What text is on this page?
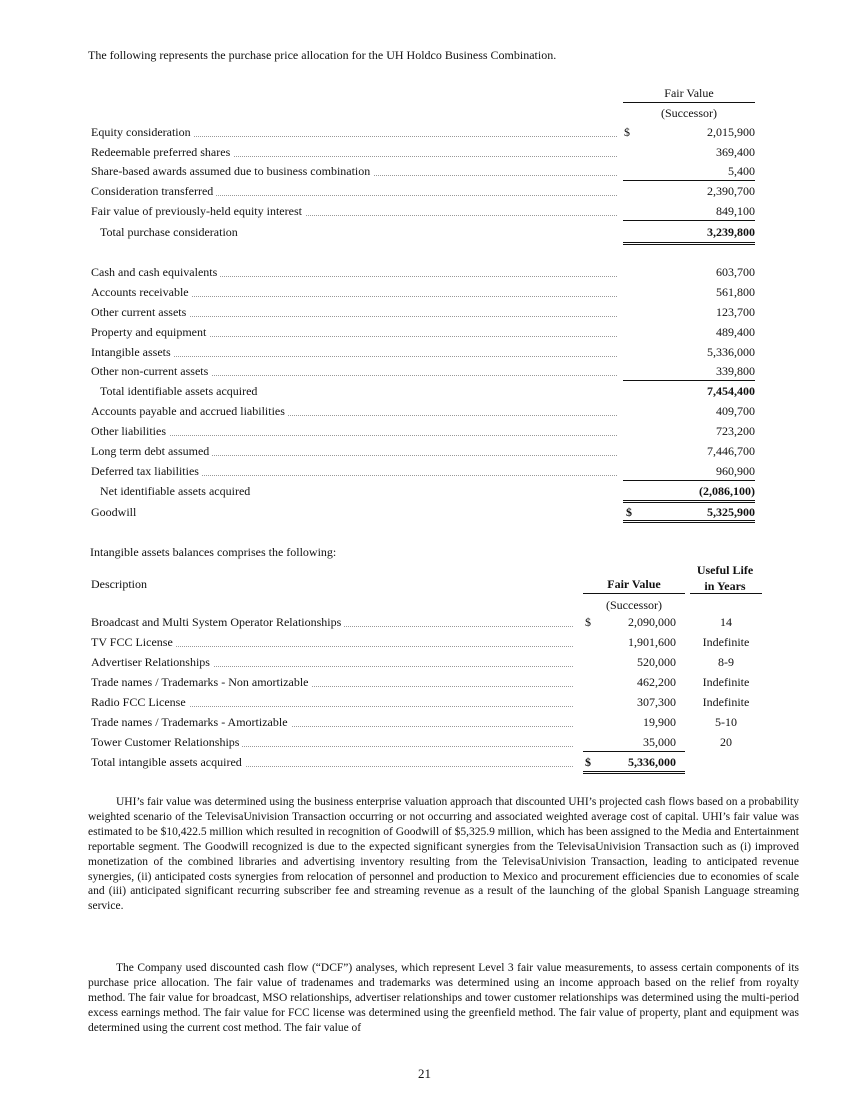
The following represents the purchase price allocation for the UH Holdco Business Combination.
Fair Value
(Successor)
Equity consideration	$	2,015,900
Redeemable preferred shares	369,400
Share-based awards assumed due to business combination	5,400
Consideration transferred	2,390,700
Fair value of previously-held equity interest	849,100
Total purchase consideration	3,239,800
Cash and cash equivalents	603,700
Accounts receivable	561,800
Other current assets	123,700
Property and equipment	489,400
Intangible assets	5,336,000
Other non-current assets	339,800
Total identifiable assets acquired	7,454,400
Accounts payable and accrued liabilities	409,700
Other liabilities	723,200
Long term debt assumed	7,446,700
Deferred tax liabilities	960,900
Net identifiable assets acquired	(2,086,100)
Goodwill	$	5,325,900
Intangible assets balances comprises the following:
Description	Fair Value
Useful Life
in Years
(Successor)
Broadcast and Multi System Operator Relationships	$	2,090,000	14
TV FCC License	1,901,600	Indefinite
Advertiser Relationships	520,000	8-9
Trade names / Trademarks - Non amortizable	462,200	Indefinite
Radio FCC License	307,300	Indefinite
Trade names / Trademarks - Amortizable	19,900	5-10
Tower Customer Relationships	35,000	20
Total intangible assets acquired	$	5,336,000
UHI’s fair value was determined using the business enterprise valuation approach that discounted UHI’s projected cash flows based on a probability weighted scenario of the TelevisaUnivision Transaction occurring or not occurring and associated weighted average cost of capital. UHI’s fair value was estimated to be $10,422.5 million which resulted in recognition of Goodwill of $5,325.9 million, which has been assigned to the Media and Entertainment reportable segment. The Goodwill recognized is due to the expected significant synergies from the TelevisaUnivision Transaction such as (i) improved monetization of the combined libraries and advertising inventory resulting from the TelevisaUnivision Transaction, leading to anticipated revenue synergies, (ii) anticipated costs synergies from relocation of personnel and production to Mexico and procurement efficiencies due to economies of scale and (iii) anticipated significant recurring subscriber fee and streaming revenue as a result of the launching of the global Spanish Language streaming service.
The Company used discounted cash flow (“DCF”) analyses, which represent Level 3 fair value measurements, to assess certain components of its purchase price allocation. The fair value of tradenames and trademarks was determined using an income approach based on the relief from royalty method. The fair value for broadcast, MSO relationships, advertiser relationships and tower customer relationships was determined using the multi-period excess earnings method. The fair value for FCC license was determined using the greenfield method. The fair value of property, plant and equipment was determined using the current cost method. The fair value of
21
